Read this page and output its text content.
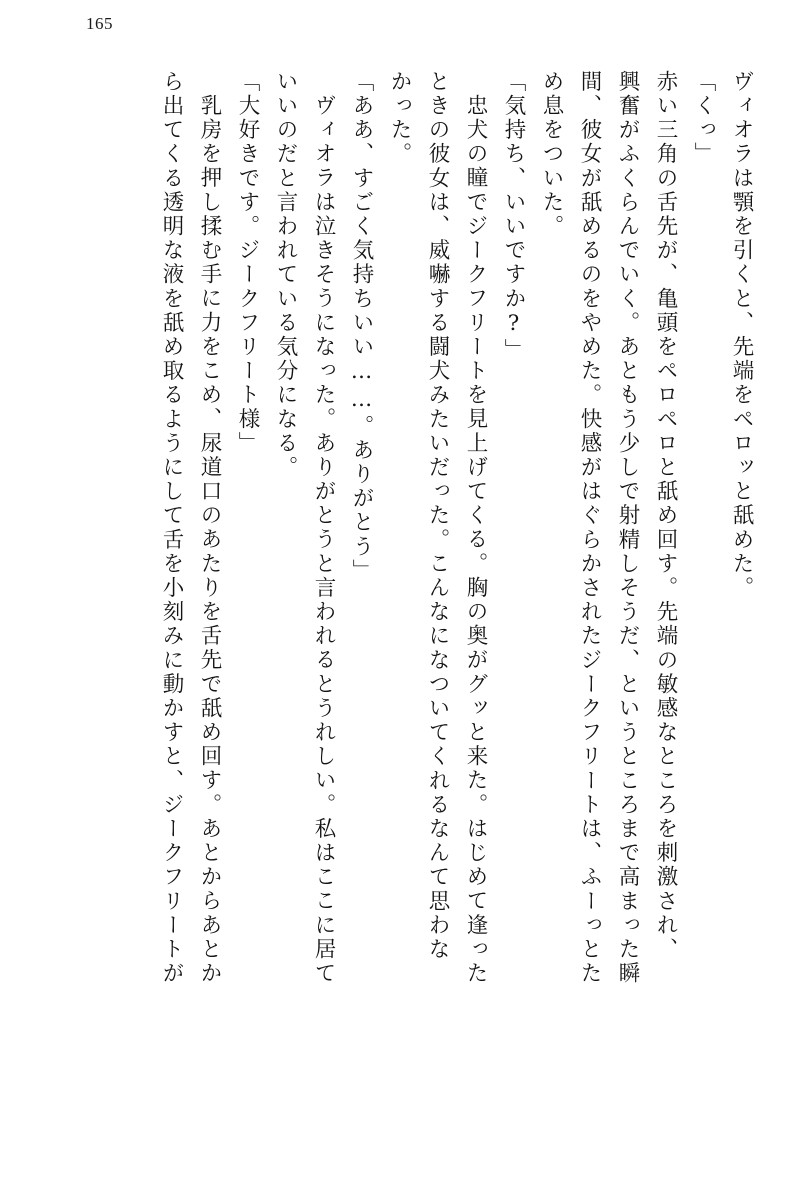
165
ヴィオラは顎を引くと、先端をペロッと舐めた。
「くっ」
赤い三角の舌先が、亀頭をペロペロと舐め回す。先端の敏感なところを刺激され、
興奮がふくらんでいく。あともう少しで射精しそうだ、というところまで高まった瞬
間、彼女が舐めるのをやめた。快感がはぐらかされたジークフリートは、ふーっとた
め息をついた。
「気持ち、いいですか?」
忠犬の瞳でジークフリートを見上げてくる。胸の奥がグッと来た。はじめて逢った
ときの彼女は、威嚇する闘犬みたいだった。こんなになついてくれるなんて思わな
かった。
「ああ、すごく気持ちいい……。ありがとう」
ヴィオラは泣きそうになった。ありがとうと言われるとうれしい。私はここに居て
いいのだと言われている気分になる。
「大好きです。ジークフリート様」
乳房を押し揉む手に力をこめ、尿道口のあたりを舌先で舐め回す。あとからあとか
ら出てくる透明な液を舐め取るようにして舌を小刻みに動かすと、ジークフリートが
